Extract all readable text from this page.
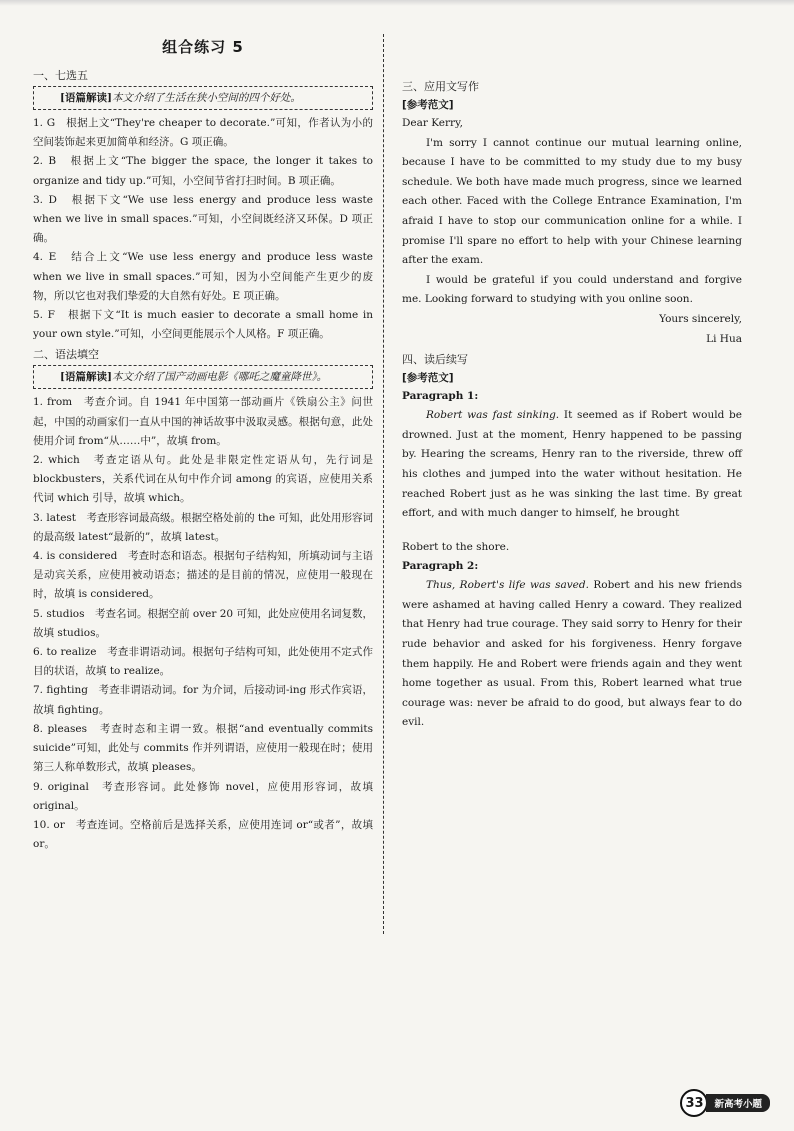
组合练习 5
一、七选五
[语篇解读]本文介绍了生活在狭小空间的四个好处。
1. G　根据上文“They're cheaper to decorate.”可知，作者认为小的空间装饰起来更加简单和经济。G 项正确。
2. B　根据上文“The bigger the space, the longer it takes to organize and tidy up.”可知，小空间节省打扫时间。B 项正确。
3. D　根据下文“We use less energy and produce less waste when we live in small spaces.”可知，小空间既经济又环保。D 项正确。
4. E　结合上文“We use less energy and produce less waste when we live in small spaces.”可知，因为小空间能产生更少的废物，所以它也对我们挚爱的大自然有好处。E 项正确。
5. F　根据下文“It is much easier to decorate a small home in your own style.”可知，小空间更能展示个人风格。F 项正确。
二、语法填空
[语篇解读]本文介绍了国产动画电影《哪吒之魔童降世》。
1. from　考查介词。自 1941 年中国第一部动画片《铁扇公主》问世起，中国的动画家们一直从中国的神话故事中汲取灵感。根据句意，此处使用介词 from“从……中”，故填 from。
2. which　考查定语从句。此处是非限定性定语从句，先行词是 blockbusters，关系代词在从句中作介词 among 的宾语，应使用关系代词 which 引导，故填 which。
3. latest　考查形容词最高级。根据空格处前的 the 可知，此处用形容词的最高级 latest“最新的”，故填 latest。
4. is considered　考查时态和语态。根据句子结构知，所填动词与主语是动宾关系，应使用被动语态；描述的是目前的情况，应使用一般现在时，故填 is considered。
5. studios　考查名词。根据空前 over 20 可知，此处应使用名词复数，故填 studios。
6. to realize　考查非谓语动词。根据句子结构可知，此处使用不定式作目的状语，故填 to realize。
7. fighting　考查非谓语动词。for 为介词，后接动词-ing 形式作宾语，故填 fighting。
8. pleases　考查时态和主谓一致。根据“and eventually commits suicide”可知，此处与 commits 作并列谓语，应使用一般现在时；使用第三人称单数形式，故填 pleases。
9. original　考查形容词。此处修饰 novel，应使用形容词，故填 original。
10. or　考查连词。空格前后是选择关系，应使用连词 or“或者”，故填 or。
三、应用文写作
[参考范文]

Dear Kerry,

I'm sorry I cannot continue our mutual learning online, because I have to be committed to my study due to my busy schedule. We both have made much progress, since we learned each other. Faced with the College Entrance Examination, I'm afraid I have to stop our communication online for a while. I promise I'll spare no effort to help with your Chinese learning after the exam.

I would be grateful if you could understand and forgive me. Looking forward to studying with you online soon.

Yours sincerely,

Li Hua

四、读后续写
[参考范文]
Paragraph 1:

Robert was fast sinking. It seemed as if Robert would be drowned. Just at the moment, Henry happened to be passing by. Hearing the screams, Henry ran to the riverside, threw off his clothes and jumped into the water without hesitation. He reached Robert just as he was sinking the last time. By great effort, and with much danger to himself, he brought

Robert to the shore.

Paragraph 2:

Thus, Robert's life was saved. Robert and his new friends were ashamed at having called Henry a coward. They realized that Henry had true courage. They said sorry to Henry for their rude behavior and asked for his forgiveness. Henry forgave them happily. He and Robert were friends again and they went home together as usual. From this, Robert learned what true courage was: never be afraid to do good, but always fear to do evil.

33	新高考小题
